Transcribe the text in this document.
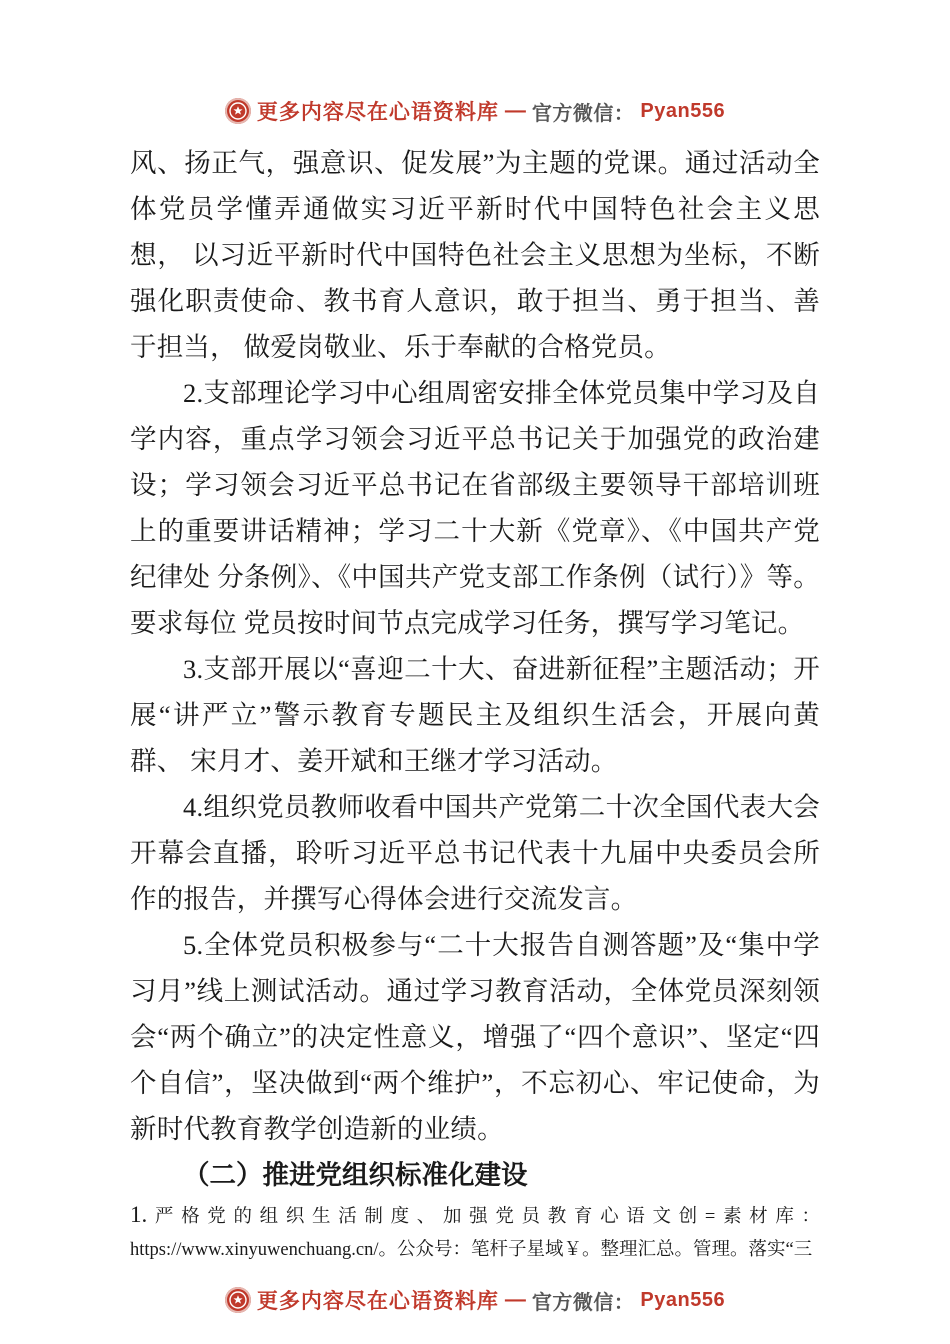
更多内容尽在心语资料库 — 官方微信： Pyan556

风、扬正气，强意识、促发展”为主题的党课。通过活动全体党员学懂弄通做实习近平新时代中国特色社会主义思想， 以习近平新时代中国特色社会主义思想为坐标，不断强化职责使命、教书育人意识，敢于担当、勇于担当、善于担当， 做爱岗敬业、乐于奉献的合格党员。

2.支部理论学习中心组周密安排全体党员集中学习及自学内容，重点学习领会习近平总书记关于加强党的政治建设；学习领会习近平总书记在省部级主要领导干部培训班上的重要讲话精神；学习二十大新《党章》、《中国共产党纪律处 分条例》、《中国共产党支部工作条例（试行）》等。要求每位 党员按时间节点完成学习任务，撰写学习笔记。

3.支部开展以“喜迎二十大、奋进新征程”主题活动；开展“讲严立”警示教育专题民主及组织生活会，开展向黄群、 宋月才、姜开斌和王继才学习活动。

4.组织党员教师收看中国共产党第二十次全国代表大会开幕会直播，聆听习近平总书记代表十九届中央委员会所作的报告，并撰写心得体会进行交流发言。

5.全体党员积极参与“二十大报告自测答题”及“集中学习月”线上测试活动。通过学习教育活动，全体党员深刻领会“两个确立”的决定性意义，增强了“四个意识”、坚定“四个自信”，坚决做到“两个维护”，不忘初心、牢记使命，为新时代教育教学创造新的业绩。

（二）推进党组织标准化建设

1.严格党的组织生活制度、加强党员教育心语文创=素材库：https://www.xinyuwenchuang.cn/。公众号：笔杆子星域￥。整理汇总。管理。落实“三

更多内容尽在心语资料库 — 官方微信： Pyan556
